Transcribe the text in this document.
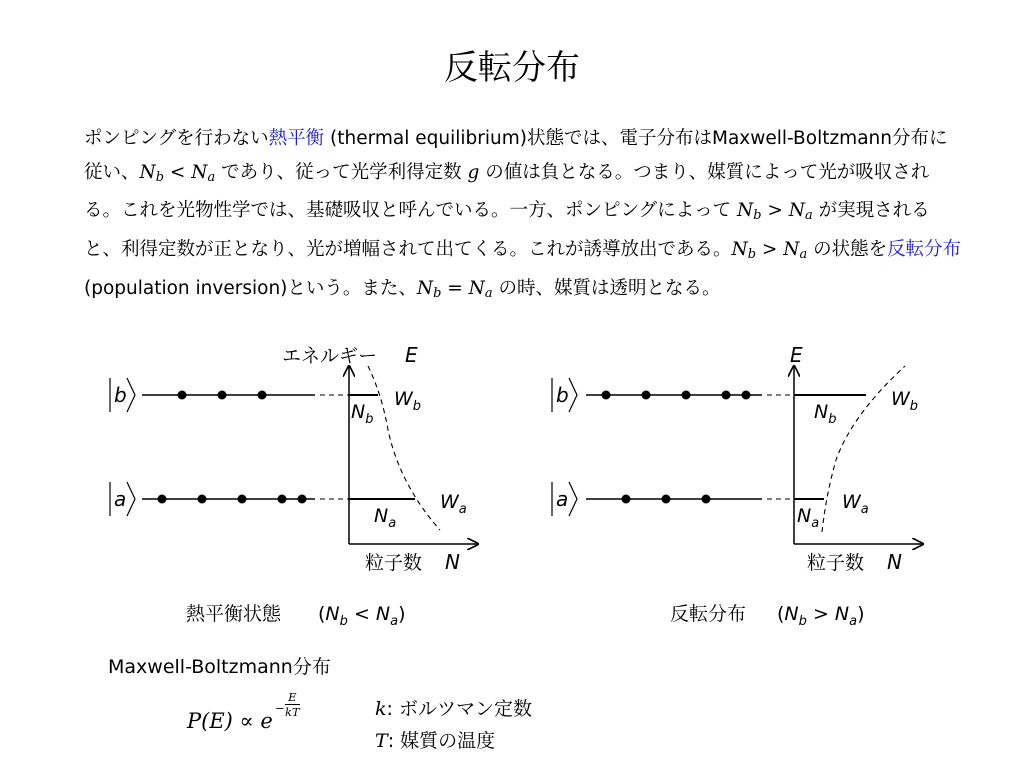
反転分布
ポンピングを行わない熱平衡 (thermal equilibrium)状態では、電子分布はMaxwell-Boltzmann分布に従い、$N_b < N_a$ であり、従って光学利得定数 g の値は負となる。つまり、媒質によって光が吸収される。これを光物性学では、基礎吸収と呼んでいる。一方、ポンピングによって $N_b > N_a$ が実現されると、利得定数が正となり、光が増幅されて出てくる。これが誘導放出である。$N_b > N_a$ の状態を反転分布(population inversion)という。また、$N_b = N_a$ の時、媒質は透明となる。
b
a
エネルギー E
$N_b$
$N_a$
$W_b$
$W_a$
粒子数 N
熱平衡状態 $(N_b < N_a)$
b
a
E
$N_b$
$N_a$
$W_b$
$W_a$
粒子数 N
反転分布 $(N_b > N_a)$
Maxwell-Boltzmann分布
P(E) ∝ e
−
E
kT	k: ボルツマン定数
T: 媒質の温度
